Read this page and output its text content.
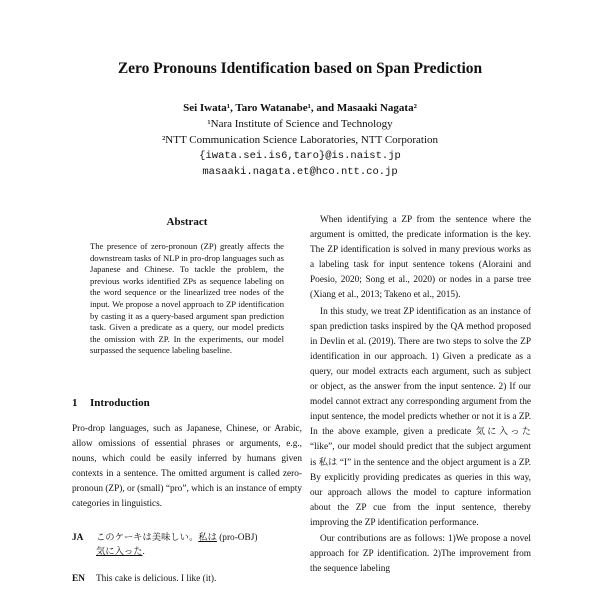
Zero Pronouns Identification based on Span Prediction
Sei Iwata¹, Taro Watanabe¹, and Masaaki Nagata²
¹Nara Institute of Science and Technology
²NTT Communication Science Laboratories, NTT Corporation
{iwata.sei.is6,taro}@is.naist.jp
masaaki.nagata.et@hco.ntt.co.jp
Abstract
The presence of zero-pronoun (ZP) greatly affects the downstream tasks of NLP in pro-drop languages such as Japanese and Chinese. To tackle the problem, the previous works identified ZPs as sequence labeling on the word sequence or the linearlized tree nodes of the input. We propose a novel approach to ZP identification by casting it as a query-based argument span prediction task. Given a predicate as a query, our model predicts the omission with ZP. In the experiments, our model surpassed the sequence labeling baseline.
1 Introduction
Pro-drop languages, such as Japanese, Chinese, or Arabic, allow omissions of essential phrases or arguments, e.g., nouns, which could be easily inferred by humans given contexts in a sentence. The omitted argument is called zero-pronoun (ZP), or (small) “pro”, which is an instance of empty categories in linguistics.
JA このケーキは美味しい。私は (pro-OBJ)
気に入った.
EN This cake is delicious. I like (it).

When identifying a ZP from the sentence where the argument is omitted, the predicate information is the key. The ZP identification is solved in many previous works as a labeling task for input sentence tokens (Aloraini and Poesio, 2020; Song et al., 2020) or nodes in a parse tree (Xiang et al., 2013; Takeno et al., 2015).

In this study, we treat ZP identification as an instance of span prediction tasks inspired by the QA method proposed in Devlin et al. (2019). There are two steps to solve the ZP identification in our approach. 1) Given a predicate as a query, our model extracts each argument, such as subject or object, as the answer from the input sentence. 2) If our model cannot extract any corresponding argument from the input sentence, the model predicts whether or not it is a ZP. In the above example, given a predicate 気に入った “like”, our model should predict that the subject argument is 私は “I” in the sentence and the object argument is a ZP. By explicitly providing predicates as queries in this way, our approach allows the model to capture information about the ZP cue from the input sentence, thereby improving the ZP identification performance.

Our contributions are as follows: 1)We propose a novel approach for ZP identification. 2)The improvement from the sequence labeling
